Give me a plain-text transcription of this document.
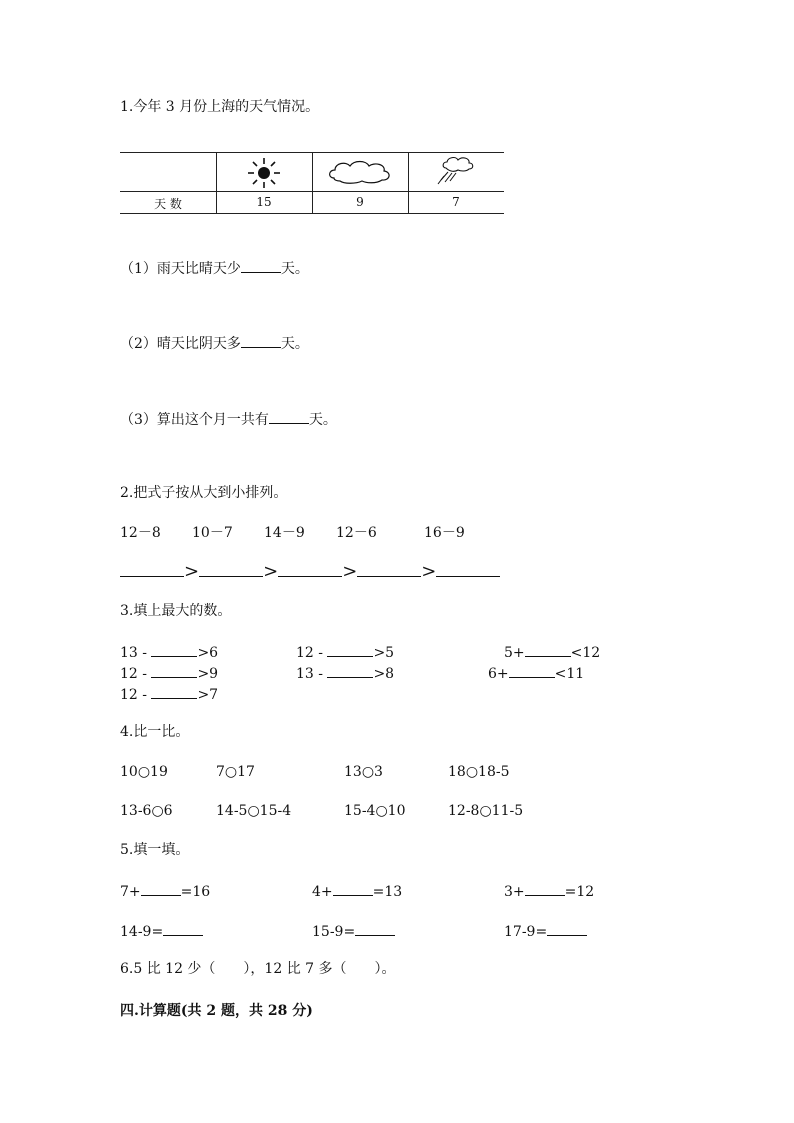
1.今年 3 月份上海的天气情况。
天 数	15	9	7
（1）雨天比晴天少	天。
（2）晴天比阴天多	天。
（3）算出这个月一共有	天。
2.把式子按从大到小排列。
12－8 10－7 14－9 12－6	16－9
>	>	>	>
3.填上最大的数。
13 -	>6	12 -	>5	5+	<12
12 -	>9	13 -	>8	6+	<11
12 -	>7
4.比一比。
10○19	7○17	13○3	18○18-5
13-6○6	14-5○15-4	15-4○10	12-8○11-5
5.填一填。
7+	=16	4+	=13	3+	=12
14-9=	15-9=	17-9=
6.5 比 12 少（　　），12 比 7 多（　　）。
四.计算题(共 2 题，共 28 分)
